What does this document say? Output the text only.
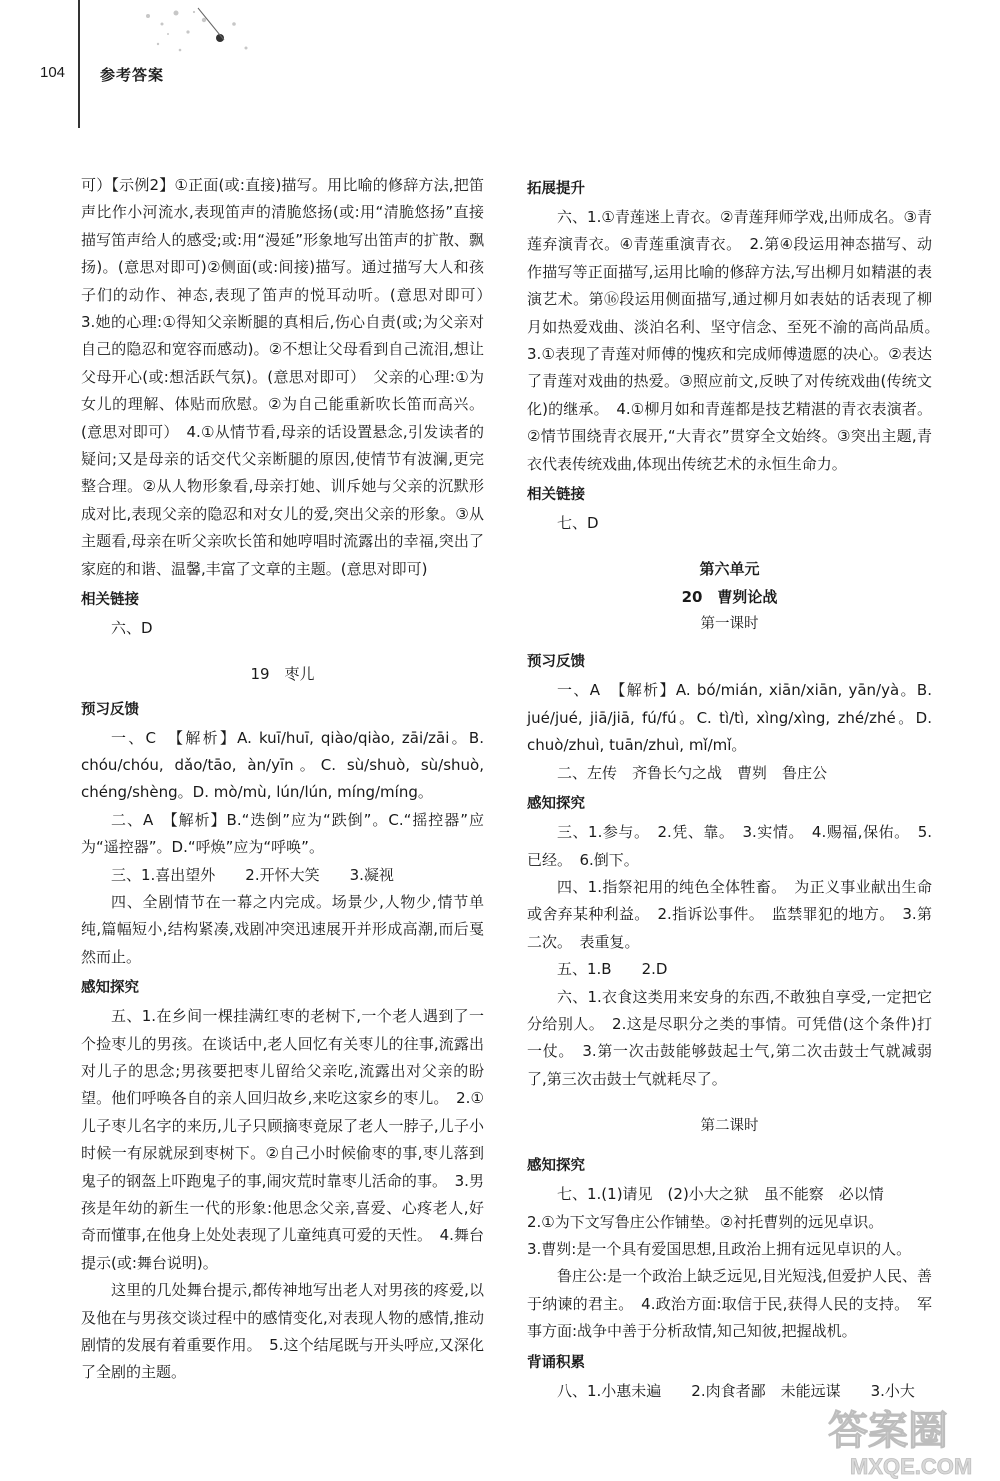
104 参考答案

可）【示例2】①正面(或:直接)描写。用比喻的修辞方法,把笛声比作小河流水,表现笛声的清脆悠扬(或:用“清脆悠扬”直接描写笛声给人的感受;或:用“漫延”形象地写出笛声的扩散、飘扬)。(意思对即可)②侧面(或:间接)描写。通过描写大人和孩子们的动作、神态,表现了笛声的悦耳动听。(意思对即可）　3.她的心理:①得知父亲断腿的真相后,伤心自责(或;为父亲对自己的隐忍和宽容而感动)。②不想让父母看到自己流泪,想让父母开心(或:想活跃气氛)。(意思对即可）　父亲的心理:①为女儿的理解、体贴而欣慰。②为自己能重新吹长笛而高兴。(意思对即可）　4.①从情节看,母亲的话设置悬念,引发读者的疑问;又是母亲的话交代父亲断腿的原因,使情节有波澜,更完整合理。②从人物形象看,母亲打她、训斥她与父亲的沉默形成对比,表现父亲的隐忍和对女儿的爱,突出父亲的形象。③从主题看,母亲在听父亲吹长笛和她哼唱时流露出的幸福,突出了家庭的和谐、温馨,丰富了文章的主题。(意思对即可)

相关链接

六、D

19　枣儿
预习反馈

一、C　【解析】A. kuī/huī, qiào/qiào, zāi/zāi。B. chóu/chóu, dǎo/tāo, àn/yīn。C. sù/shuò, sù/shuò, chéng/shèng。D. mò/mù, lún/lún, míng/míng。

二、A　【解析】B.“迭倒”应为“跌倒”。C.“摇控器”应为“遥控器”。D.“呼焕”应为“呼唤”。

三、1.喜出望外　　2.开怀大笑　　3.凝视

四、全剧情节在一幕之内完成。场景少,人物少,情节单纯,篇幅短小,结构紧凑,戏剧冲突迅速展开并形成高潮,而后戛然而止。

感知探究

五、1.在乡间一棵挂满红枣的老树下,一个老人遇到了一个捡枣儿的男孩。在谈话中,老人回忆有关枣儿的往事,流露出对儿子的思念;男孩要把枣儿留给父亲吃,流露出对父亲的盼望。他们呼唤各自的亲人回归故乡,来吃这家乡的枣儿。　2.①儿子枣儿名字的来历,儿子只顾摘枣竟尿了老人一脖子,儿子小时候一有尿就尿到枣树下。②自己小时候偷枣的事,枣儿落到鬼子的钢盔上吓跑鬼子的事,闹灾荒时靠枣儿活命的事。　3.男孩是年幼的新生一代的形象:他思念父亲,喜爱、心疼老人,好奇而懂事,在他身上处处表现了儿童纯真可爱的天性。　4.舞台提示(或:舞台说明)。

这里的几处舞台提示,都传神地写出老人对男孩的疼爱,以及他在与男孩交谈过程中的感情变化,对表现人物的感情,推动剧情的发展有着重要作用。　5.这个结尾既与开头呼应,又深化了全剧的主题。

拓展提升

六、1.①青莲迷上青衣。②青莲拜师学戏,出师成名。③青莲弃演青衣。④青莲重演青衣。　2.第④段运用神态描写、动作描写等正面描写,运用比喻的修辞方法,写出柳月如精湛的表演艺术。第⑯段运用侧面描写,通过柳月如表姑的话表现了柳月如热爱戏曲、淡泊名利、坚守信念、至死不渝的高尚品质。　3.①表现了青莲对师傅的愧疚和完成师傅遗愿的决心。②表达了青莲对戏曲的热爱。③照应前文,反映了对传统戏曲(传统文化)的继承。　4.①柳月如和青莲都是技艺精湛的青衣表演者。②情节围绕青衣展开,“大青衣”贯穿全文始终。③突出主题,青衣代表传统戏曲,体现出传统艺术的永恒生命力。

相关链接

七、D

第六单元
20　曹刿论战
第一课时
预习反馈

一、A　【解析】A. bó/mián, xiān/xiān, yān/yà。B. jué/jué, jiā/jiā, fú/fú。C. tì/tì, xìng/xìng, zhé/zhé。D. chuò/zhuì, tuān/zhuì, mǐ/mǐ。

二、左传　齐鲁长勺之战　曹刿　鲁庄公

感知探究

三、1.参与。　2.凭、靠。　3.实情。　4.赐福,保佑。　5.已经。　6.倒下。

四、1.指祭祀用的纯色全体牲畜。　为正义事业献出生命或舍弃某种利益。　2.指诉讼事件。　监禁罪犯的地方。　3.第二次。　表重复。

五、1.B　　2.D

六、1.衣食这类用来安身的东西,不敢独自享受,一定把它分给别人。　2.这是尽职分之类的事情。可凭借(这个条件)打一仗。　3.第一次击鼓能够鼓起士气,第二次击鼓士气就减弱了,第三次击鼓士气就耗尽了。

第二课时
感知探究

七、1.(1)请见　(2)小大之狱　虽不能察　必以情

2.①为下文写鲁庄公作铺垫。②衬托曹刿的远见卓识。

3.曹刿:是一个具有爱国思想,且政治上拥有远见卓识的人。

鲁庄公:是一个政治上缺乏远见,目光短浅,但爱护人民、善于纳谏的君主。　4.政治方面:取信于民,获得人民的支持。　军事方面:战争中善于分析敌情,知己知彼,把握战机。

背诵积累

八、1.小惠未遍　　2.肉食者鄙　未能远谋　　3.小大

答案圈
MXQE.COM
